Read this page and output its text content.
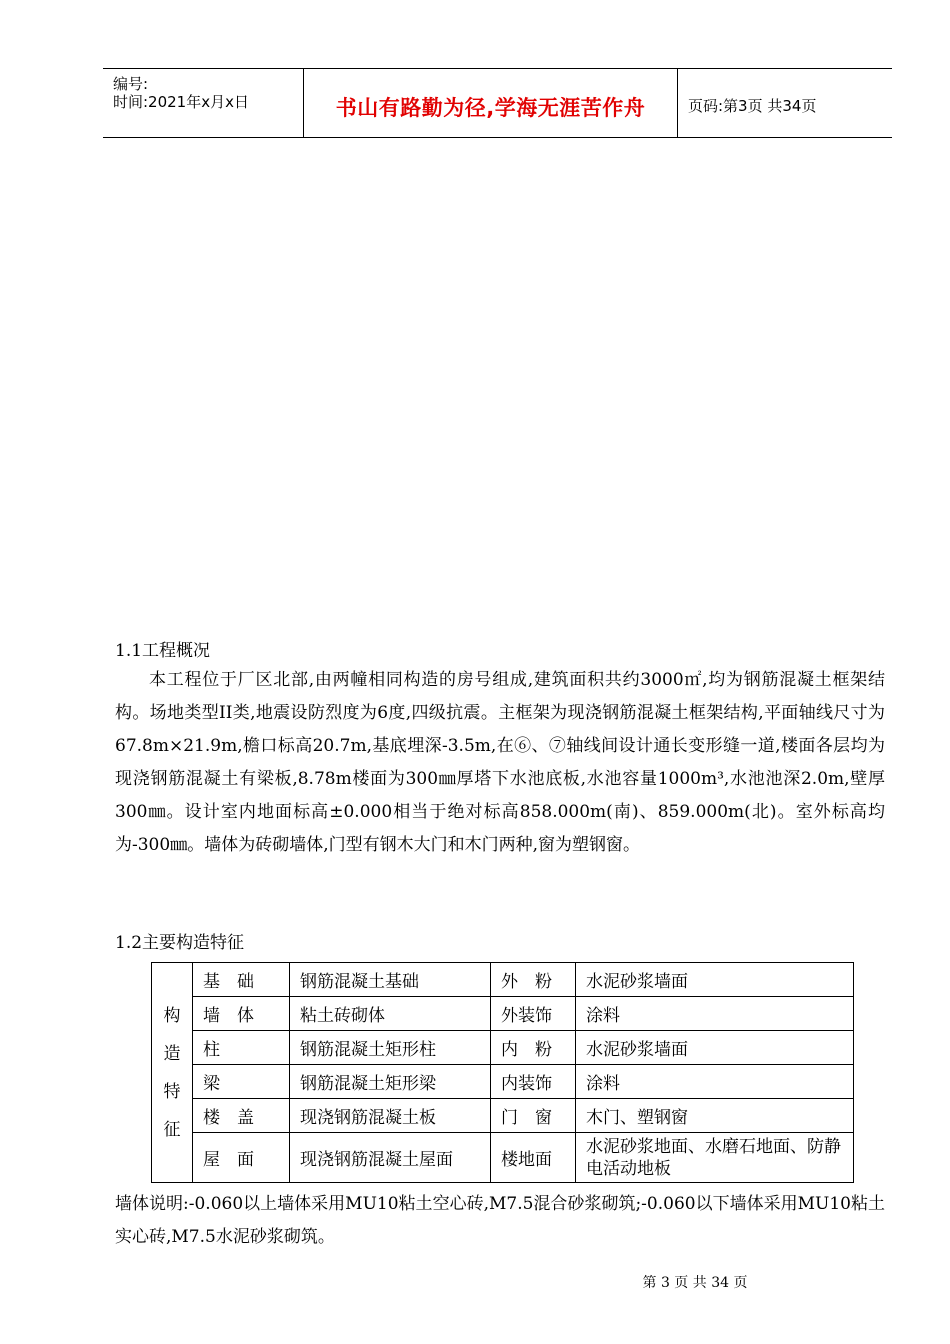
编号:
时间:2021年x月x日	书山有路勤为径,学海无涯苦作舟	页码:第3页 共34页
1.1工程概况
本工程位于厂区北部,由两幢相同构造的房号组成,建筑面积共约3000㎡,均为钢筋混凝土框架结构。场地类型II类,地震设防烈度为6度,四级抗震。主框架为现浇钢筋混凝土框架结构,平面轴线尺寸为67.8m×21.9m,檐口标高20.7m,基底埋深-3.5m,在⑥、⑦轴线间设计通长变形缝一道,楼面各层均为现浇钢筋混凝土有梁板,8.78m楼面为300㎜厚塔下水池底板,水池容量1000m³,水池池深2.0m,壁厚300㎜。设计室内地面标高±0.000相当于绝对标高858.000m(南)、859.000m(北)。室外标高均为-300㎜。墙体为砖砌墙体,门型有钢木大门和木门两种,窗为塑钢窗。
1.2主要构造特征
构
造
特
征	基　础	钢筋混凝土基础	外　粉	水泥砂浆墙面
	墙　体	粘土砖砌体	外装饰	涂料
	柱	钢筋混凝土矩形柱	内　粉	水泥砂浆墙面
	梁	钢筋混凝土矩形梁	内装饰	涂料
	楼　盖	现浇钢筋混凝土板	门　窗	木门、塑钢窗
	屋　面	现浇钢筋混凝土屋面	楼地面	水泥砂浆地面、水磨石地面、防静电活动地板
墙体说明:-0.060以上墙体采用MU10粘土空心砖,M7.5混合砂浆砌筑;-0.060以下墙体采用MU10粘土实心砖,M7.5水泥砂浆砌筑。
第 3 页 共 34 页
